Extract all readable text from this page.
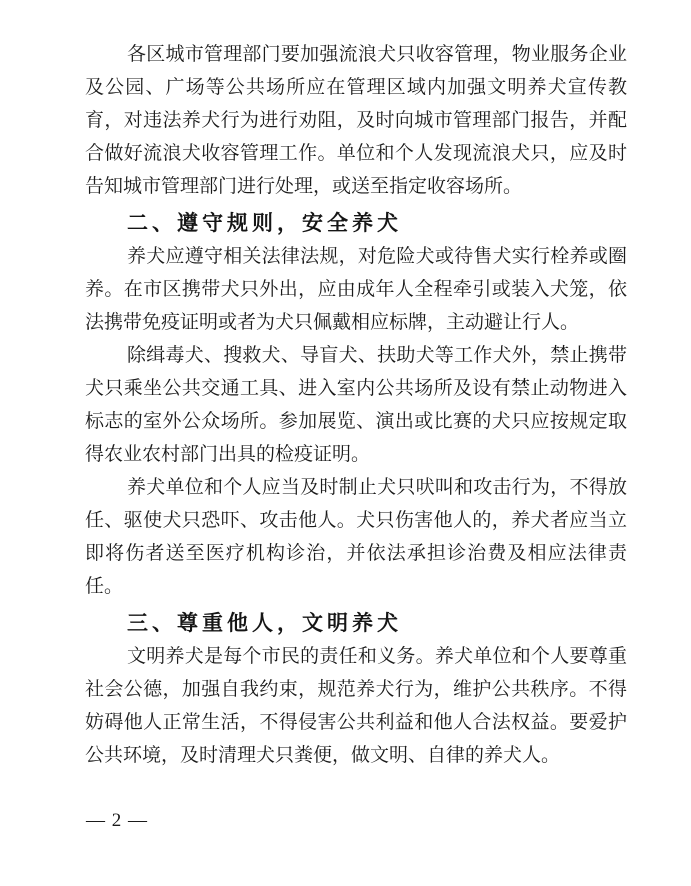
各区城市管理部门要加强流浪犬只收容管理，物业服务企业及公园、广场等公共场所应在管理区域内加强文明养犬宣传教育，对违法养犬行为进行劝阻，及时向城市管理部门报告，并配合做好流浪犬收容管理工作。单位和个人发现流浪犬只，应及时告知城市管理部门进行处理，或送至指定收容场所。

二、遵守规则，安全养犬

养犬应遵守相关法律法规，对危险犬或待售犬实行栓养或圈养。在市区携带犬只外出，应由成年人全程牵引或装入犬笼，依法携带免疫证明或者为犬只佩戴相应标牌，主动避让行人。

除缉毒犬、搜救犬、导盲犬、扶助犬等工作犬外，禁止携带犬只乘坐公共交通工具、进入室内公共场所及设有禁止动物进入标志的室外公众场所。参加展览、演出或比赛的犬只应按规定取得农业农村部门出具的检疫证明。

养犬单位和个人应当及时制止犬只吠叫和攻击行为，不得放任、驱使犬只恐吓、攻击他人。犬只伤害他人的，养犬者应当立即将伤者送至医疗机构诊治，并依法承担诊治费及相应法律责任。

三、尊重他人，文明养犬

文明养犬是每个市民的责任和义务。养犬单位和个人要尊重社会公德，加强自我约束，规范养犬行为，维护公共秩序。不得妨碍他人正常生活，不得侵害公共利益和他人合法权益。要爱护公共环境，及时清理犬只粪便，做文明、自律的养犬人。

— 2 —
